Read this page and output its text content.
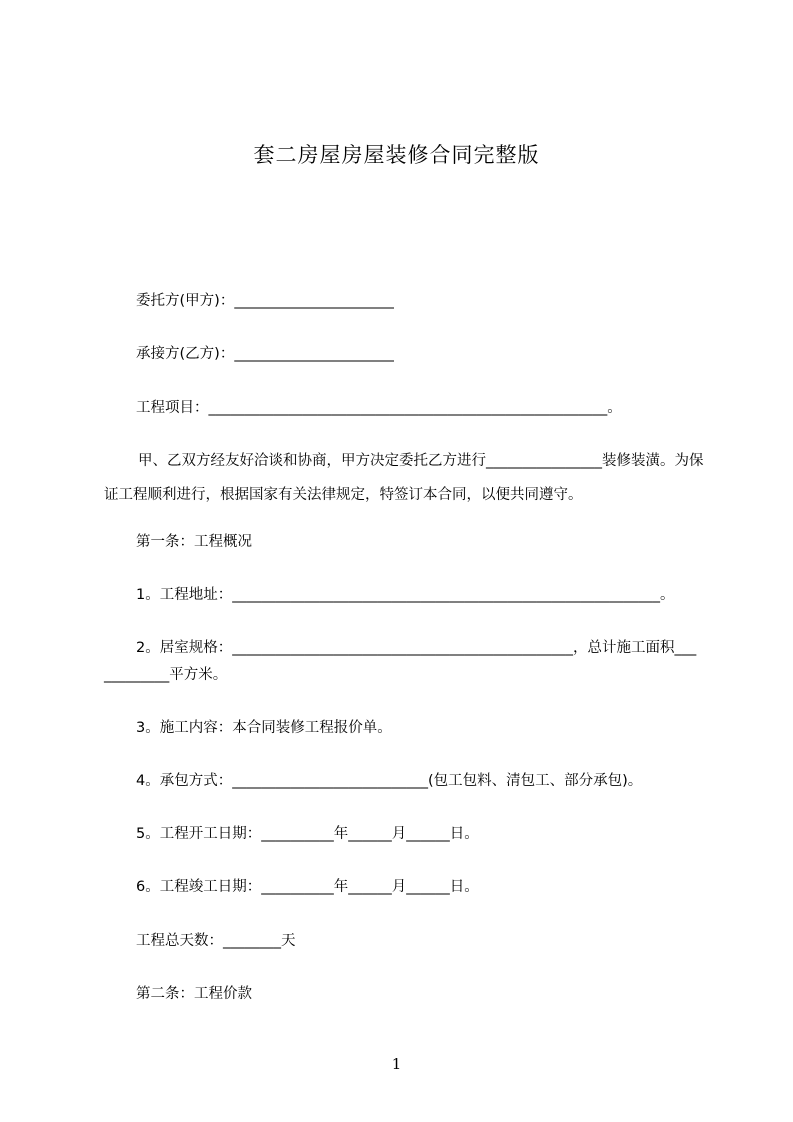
套二房屋房屋装修合同完整版
委托方(甲方)：______________________
承接方(乙方)：______________________
工程项目：_______________________________________________________。
甲、乙双方经友好洽谈和协商，甲方决定委托乙方进行________________装修装潢。为保证工程顺利进行，根据国家有关法律规定，特签订本合同，以便共同遵守。
第一条：工程概况
1。工程地址：___________________________________________________________。
2。居室规格：_______________________________________________，总计施工面积___
_________平方米。
3。施工内容：本合同装修工程报价单。
4。承包方式：___________________________(包工包料、清包工、部分承包)。
5。工程开工日期：__________年______月______日。
6。工程竣工日期：__________年______月______日。
工程总天数：________天
第二条：工程价款
1
